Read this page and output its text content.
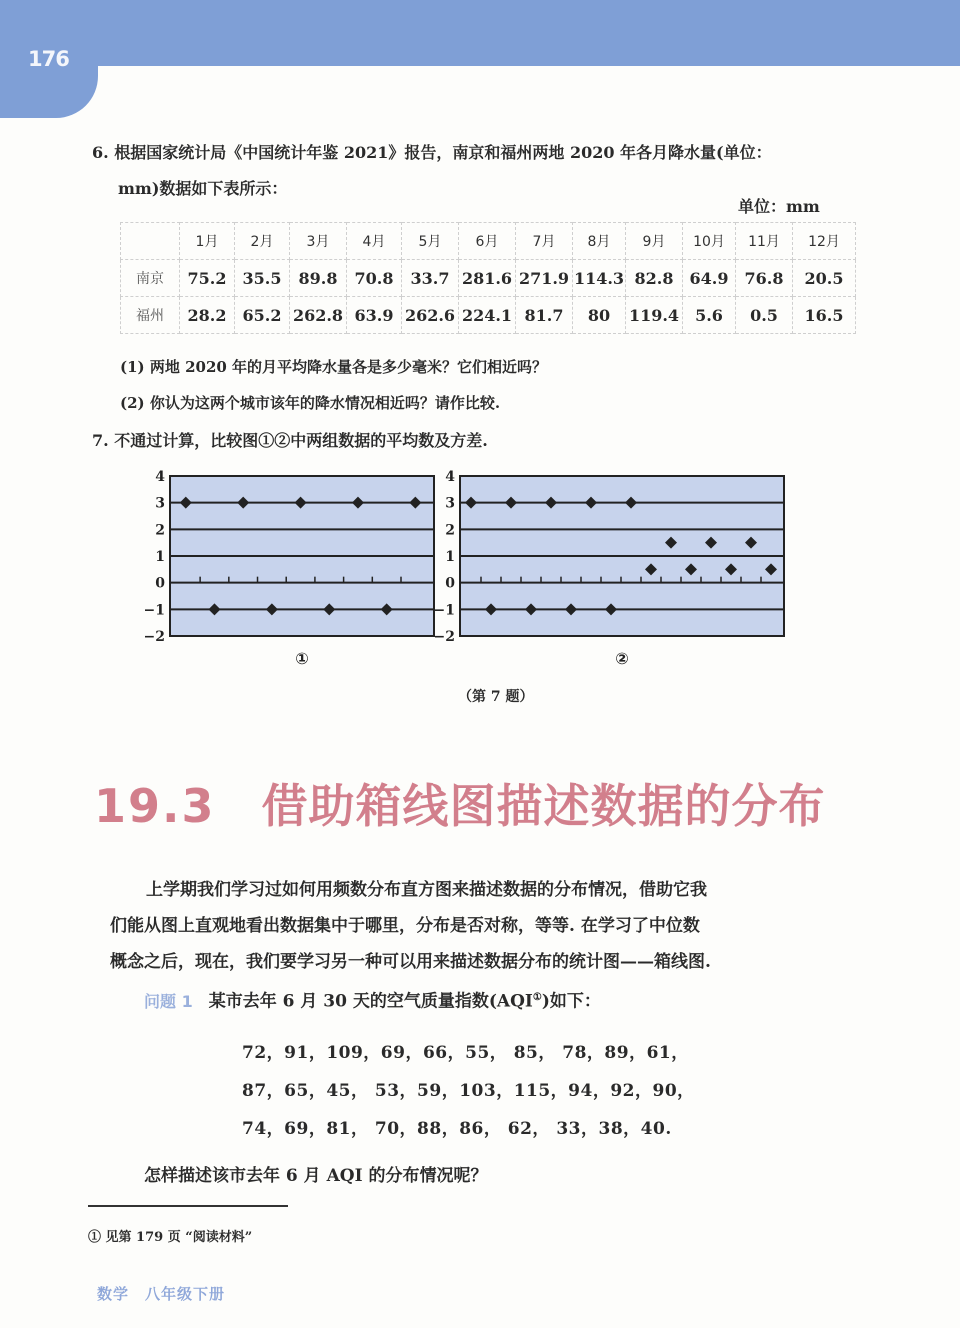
176
6. 根据国家统计局《中国统计年鉴 2021》报告，南京和福州两地 2020 年各月降水量(单位：
mm)数据如下表所示：
单位：mm
	1月	2月	3月	4月	5月	6月	7月	8月	9月	10月	11月	12月
南京	75.2	35.5	89.8	70.8	33.7	281.6	271.9	114.3	82.8	64.9	76.8	20.5
福州	28.2	65.2	262.8	63.9	262.6	224.1	81.7	80	119.4	5.6	0.5	16.5
(1) 两地 2020 年的月平均降水量各是多少毫米？它们相近吗？
(2) 你认为这两个城市该年的降水情况相近吗？请作比较.
7. 不通过计算，比较图①②中两组数据的平均数及方差.
4
3
2
1
0
−1
−2
①
4
3
2
1
0
−1
−2
②
（第 7 题）
19.3 借助箱线图描述数据的分布
上学期我们学习过如何用频数分布直方图来描述数据的分布情况，借助它我
们能从图上直观地看出数据集中于哪里，分布是否对称，等等. 在学习了中位数
概念之后，现在，我们要学习另一种可以用来描述数据分布的统计图——箱线图.
问题 1 某市去年 6 月 30 天的空气质量指数(AQI①)如下：
72，91，109，69，66，55， 85， 78，89，61，
87，65，45， 53，59，103，115，94，92，90，
74，69，81， 70，88，86， 62， 33，38，40.
怎样描述该市去年 6 月 AQI 的分布情况呢？
① 见第 179 页 “阅读材料”
数学 八年级下册
